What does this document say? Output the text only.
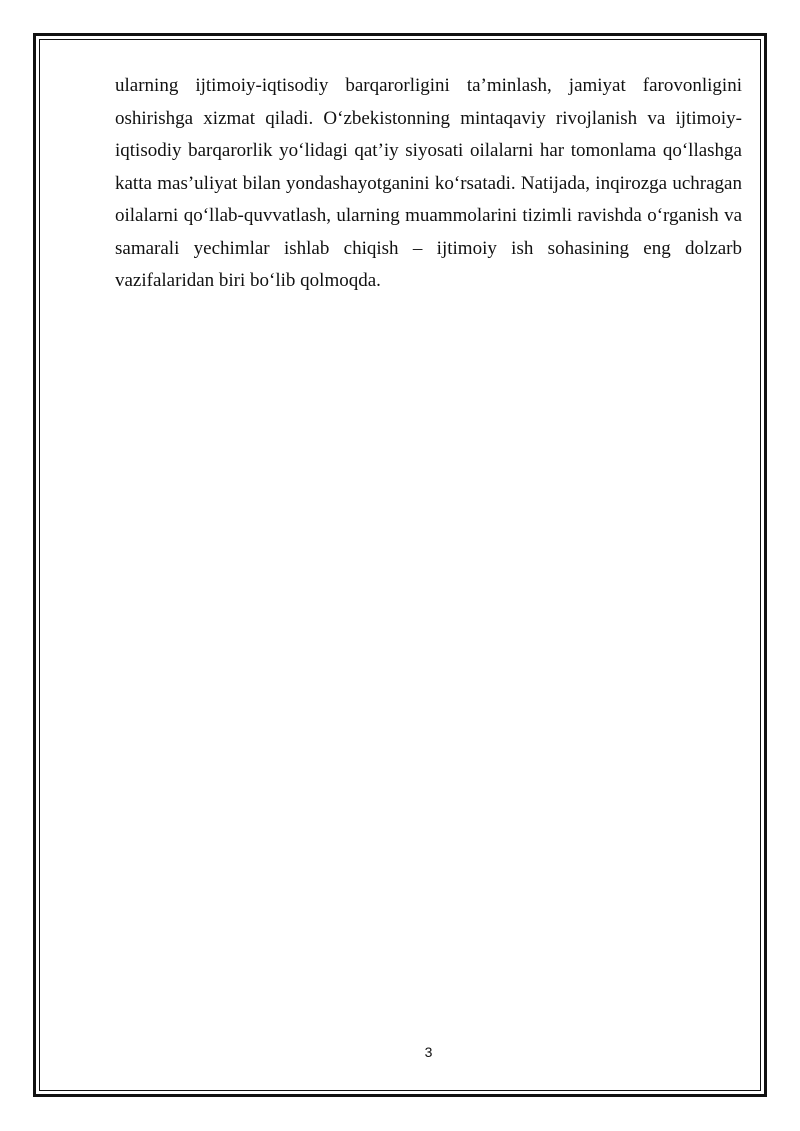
ularning ijtimoiy-iqtisodiy barqarorligini ta’minlash, jamiyat farovonligini oshirishga xizmat qiladi. O‘zbekistonning mintaqaviy rivojlanish va ijtimoiy-iqtisodiy barqarorlik yo‘lidagi qat’iy siyosati oilalarni har tomonlama qo‘llashga katta mas’uliyat bilan yondashayotganini ko‘rsatadi. Natijada, inqirozga uchragan oilalarni qo‘llab-quvvatlash, ularning muammolarini tizimli ravishda o‘rganish va samarali yechimlar ishlab chiqish – ijtimoiy ish sohasining eng dolzarb vazifalaridan biri bo‘lib qolmoqda.

3
